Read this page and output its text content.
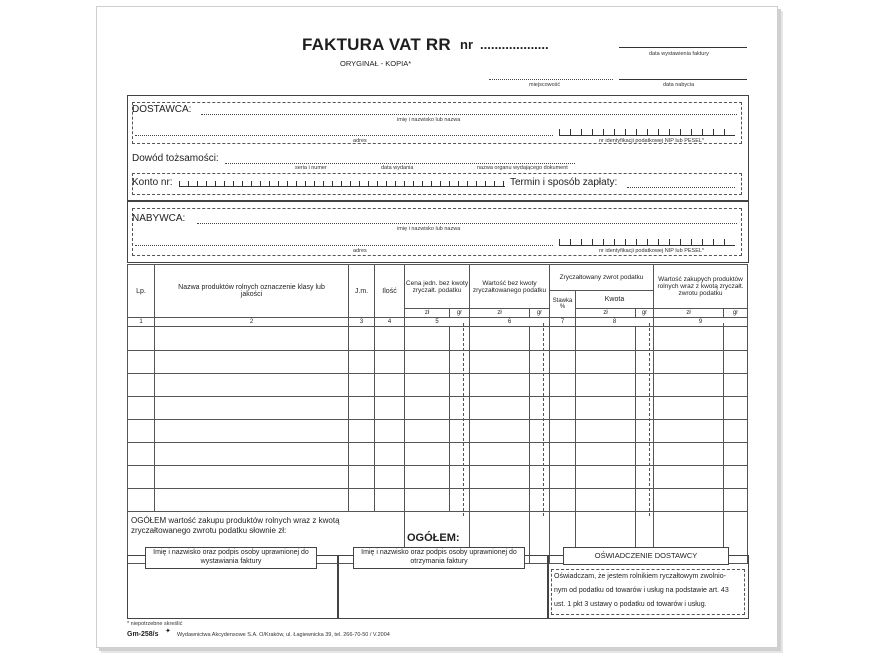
FAKTURA VAT RR nr ...................
ORYGINAŁ - KOPIA*
data wystawienia faktury
miejscowość	data nabycia
DOSTAWCA:
imię i nazwisko lub nazwa
adres	nr identyfikacji podatkowej NIP lub PESEL*
Dowód tożsamości:
seria i numer	data wydania	nazwa organu wydającego dokument
Konto nr:	Termin i sposób zapłaty:
NABYWCA:
imię i nazwisko lub nazwa
adres	nr identyfikacji podatkowej NIP lub PESEL*
Lp.	Nazwa produktów rolnych oznaczenie klasy lub jakości	J.m.	Ilość	Cena jedn. bez kwoty zryczałt. podatku		Wartość bez kwoty zryczałtowanego podatku		Zryczałtowany zwrot podatku			Wartość zakupych produktów rolnych wraz z kwotą zryczałt. zwrotu podatku	
								Stawka %	Kwota			
				zł	gr	zł	gr		zł	gr	zł	gr
1	2	3	4	5		6		7	8		9	

OGÓŁEM wartość zakupu produktów rolnych wraz z kwotą zryczałtowanego zwrotu podatku słownie zł:				OGÓŁEM:								
Imię i nazwisko oraz podpis osoby uprawnionej do wystawiania faktury
Imię i nazwisko oraz podpis osoby uprawnionej do otrzymania faktury
OŚWIADCZENIE DOSTAWCY
Oświadczam, że jestem rolnikiem ryczałtowym zwolnio-
nym od podatku od towarów i usług na podstawie art. 43
ust. 1 pkt 3 ustawy o podatku od towarów i usług.
* niepotrzebne skreślić
Gm-258/s ✦ Wydawnictwa Akcydensowe S.A. O/Kraków, ul. Łagiewnicka 39, tel. 266-70-50 / V.2004
